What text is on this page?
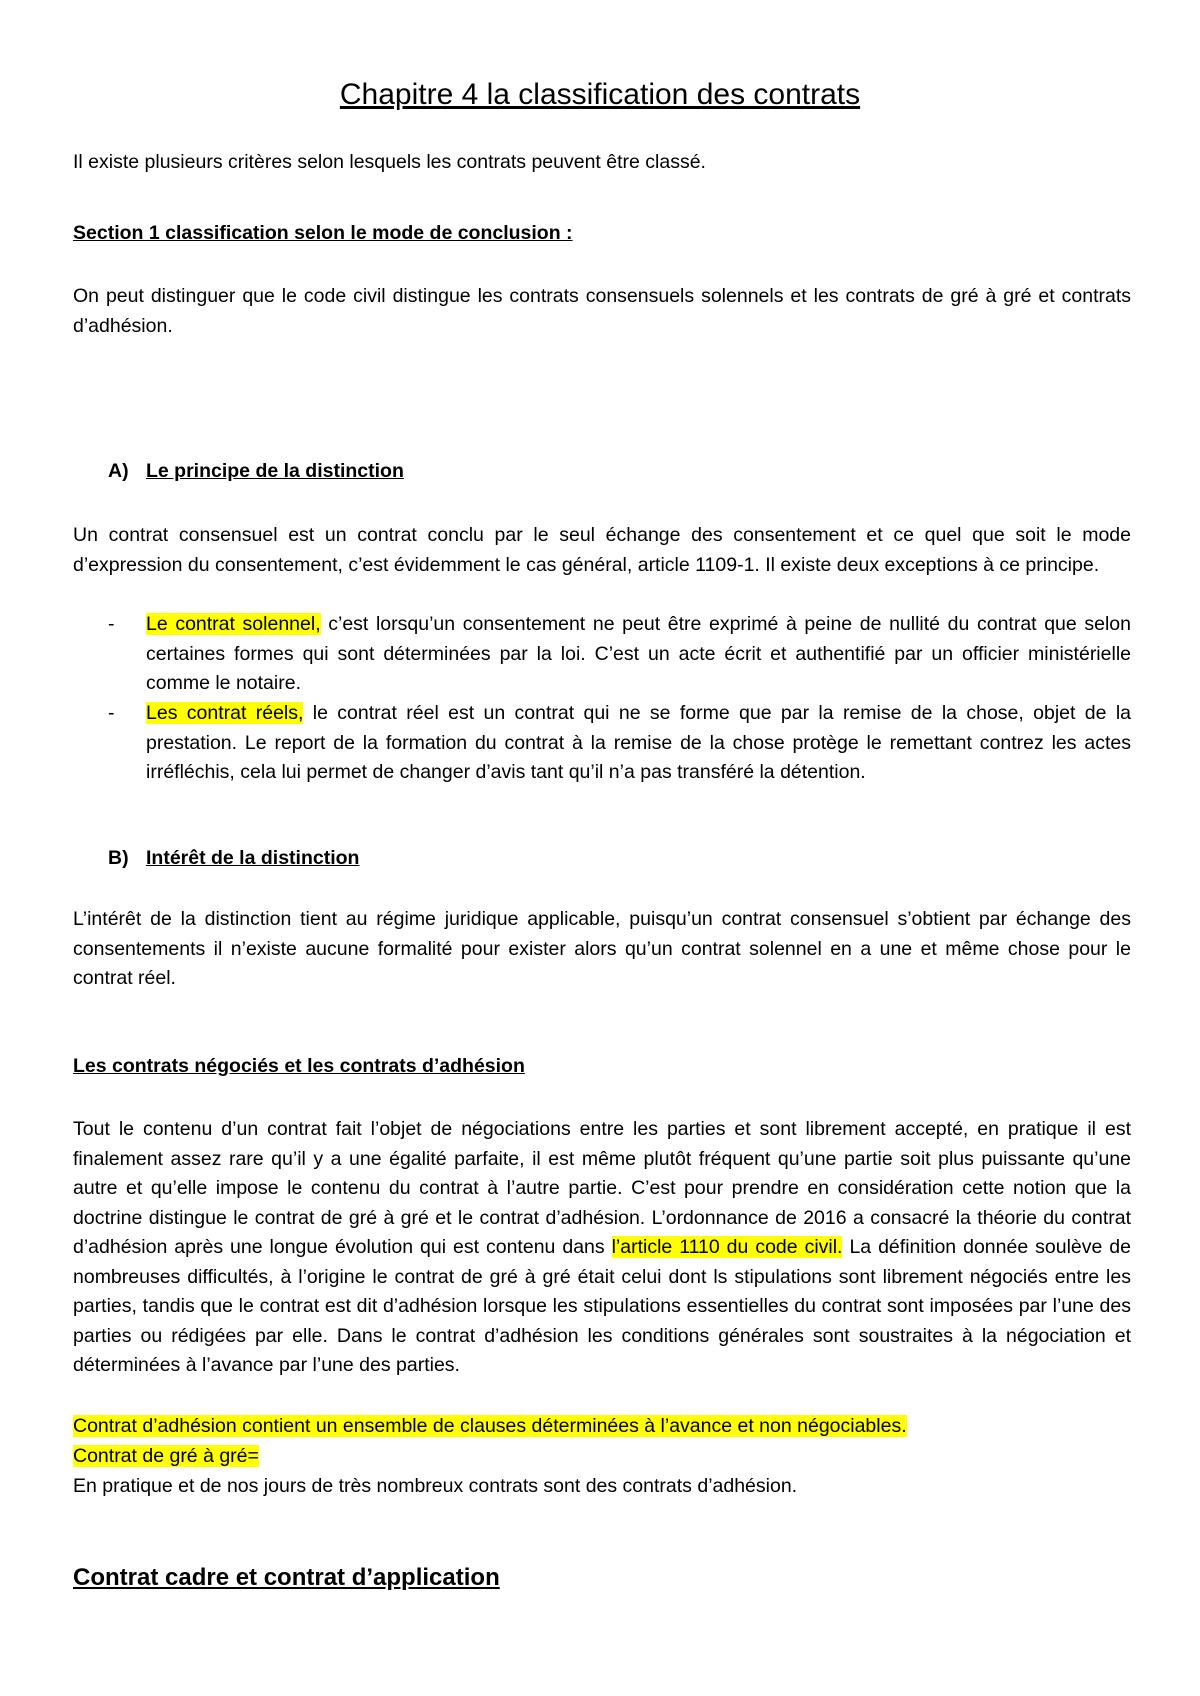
Chapitre 4 la classification des contrats

Il existe plusieurs critères selon lesquels les contrats peuvent être classé.

Section 1 classification selon le mode de conclusion :

On peut distinguer que le code civil distingue les contrats consensuels solennels et les contrats de gré à gré et contrats d’adhésion.

A) Le principe de la distinction

Un contrat consensuel est un contrat conclu par le seul échange des consentement et ce quel que soit le mode d’expression du consentement, c’est évidemment le cas général, article 1109-1. Il existe deux exceptions à ce principe.

- Le contrat solennel, c’est lorsqu’un consentement ne peut être exprimé à peine de nullité du contrat que selon certaines formes qui sont déterminées par la loi. C’est un acte écrit et authentifié par un officier ministérielle comme le notaire.
- Les contrat réels, le contrat réel est un contrat qui ne se forme que par la remise de la chose, objet de la prestation. Le report de la formation du contrat à la remise de la chose protège le remettant contrez les actes irréfléchis, cela lui permet de changer d’avis tant qu’il n’a pas transféré la détention.

B) Intérêt de la distinction

L’intérêt de la distinction tient au régime juridique applicable, puisqu’un contrat consensuel s’obtient par échange des consentements il n’existe aucune formalité pour exister alors qu’un contrat solennel en a une et même chose pour le contrat réel.

Les contrats négociés et les contrats d’adhésion

Tout le contenu d’un contrat fait l’objet de négociations entre les parties et sont librement accepté, en pratique il est finalement assez rare qu’il y a une égalité parfaite, il est même plutôt fréquent qu’une partie soit plus puissante qu’une autre et qu’elle impose le contenu du contrat à l’autre partie. C’est pour prendre en considération cette notion que la doctrine distingue le contrat de gré à gré et le contrat d’adhésion. L’ordonnance de 2016 a consacré la théorie du contrat d’adhésion après une longue évolution qui est contenu dans l’article 1110 du code civil. La définition donnée soulève de nombreuses difficultés, à l’origine le contrat de gré à gré était celui dont ls stipulations sont librement négociés entre les parties, tandis que le contrat est dit d’adhésion lorsque les stipulations essentielles du contrat sont imposées par l’une des parties ou rédigées par elle. Dans le contrat d’adhésion les conditions générales sont soustraites à la négociation et déterminées à l’avance par l’une des parties.

Contrat d’adhésion contient un ensemble de clauses déterminées à l’avance et non négociables.

Contrat de gré à gré=

En pratique et de nos jours de très nombreux contrats sont des contrats d’adhésion.

Contrat cadre et contrat d’application
